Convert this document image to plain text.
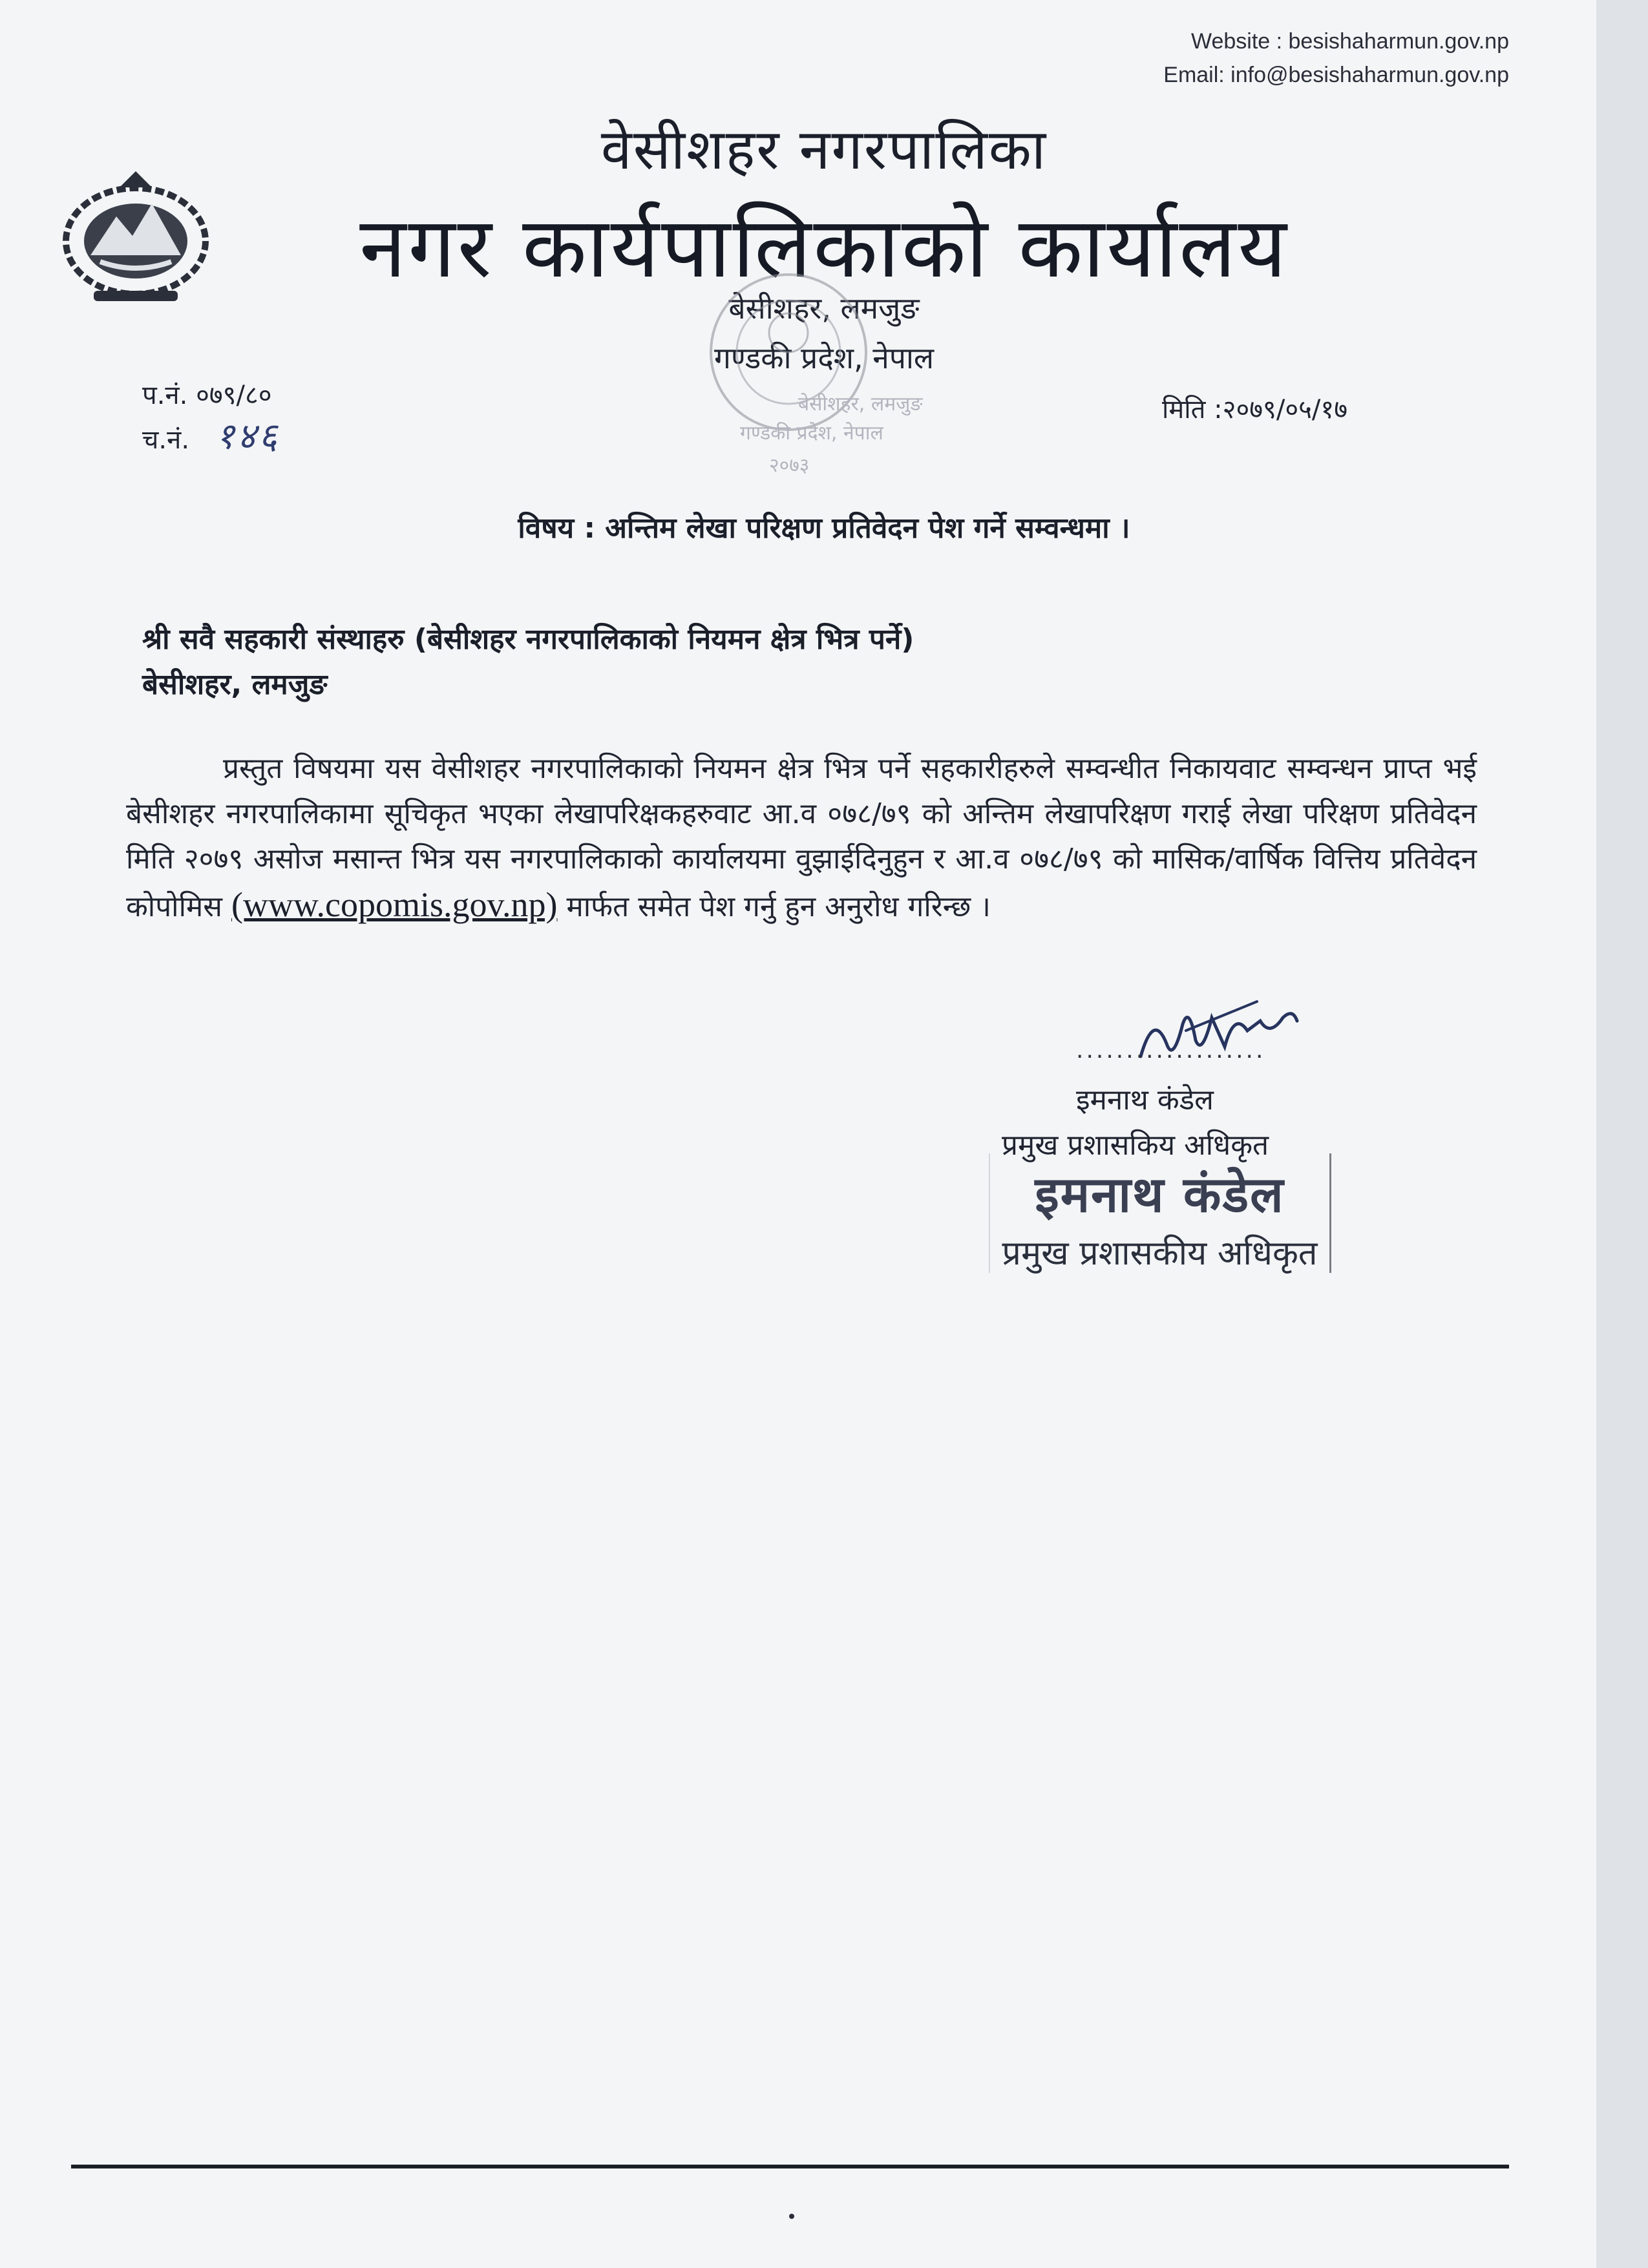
Website : besishaharmun.gov.np
Email: info@besishaharmun.gov.np
वेसीशहर नगरपालिका
नगर कार्यपालिकाको कार्यालय
बेसीशहर, लमजुङ
गण्डकी प्रदेश, नेपाल
बेसीशहर, लमजुङ
गण्डकी प्रदेश, नेपाल
२०७३
प.नं. ०७९/८०
च.नं. १४६
मिति :२०७९/०५/१७
विषय : अन्तिम लेखा परिक्षण प्रतिवेदन पेश गर्ने सम्वन्धमा ।
श्री सवै सहकारी संस्थाहरु (बेसीशहर नगरपालिकाको नियमन क्षेत्र भित्र पर्ने)
बेसीशहर, लमजुङ
प्रस्तुत विषयमा यस वेसीशहर नगरपालिकाको नियमन क्षेत्र भित्र पर्ने सहकारीहरुले सम्वन्धीत निकायवाट सम्वन्धन प्राप्त भई बेसीशहर नगरपालिकामा सूचिकृत भएका लेखापरिक्षकहरुवाट आ.व ०७८/७९ को अन्तिम लेखापरिक्षण गराई लेखा परिक्षण प्रतिवेदन मिति २०७९ असोज मसान्त भित्र यस नगरपालिकाको कार्यालयमा वुझाईदिनुहुन र आ.व ०७८/७९ को मासिक/वार्षिक वित्तिय प्रतिवेदन कोपोमिस (www.copomis.gov.np) मार्फत समेत पेश गर्नु हुन अनुरोध गरिन्छ ।
...................
इमनाथ कंडेल
प्रमुख प्रशासकिय अधिकृत
इमनाथ कंडेल
प्रमुख प्रशासकीय अधिकृत
